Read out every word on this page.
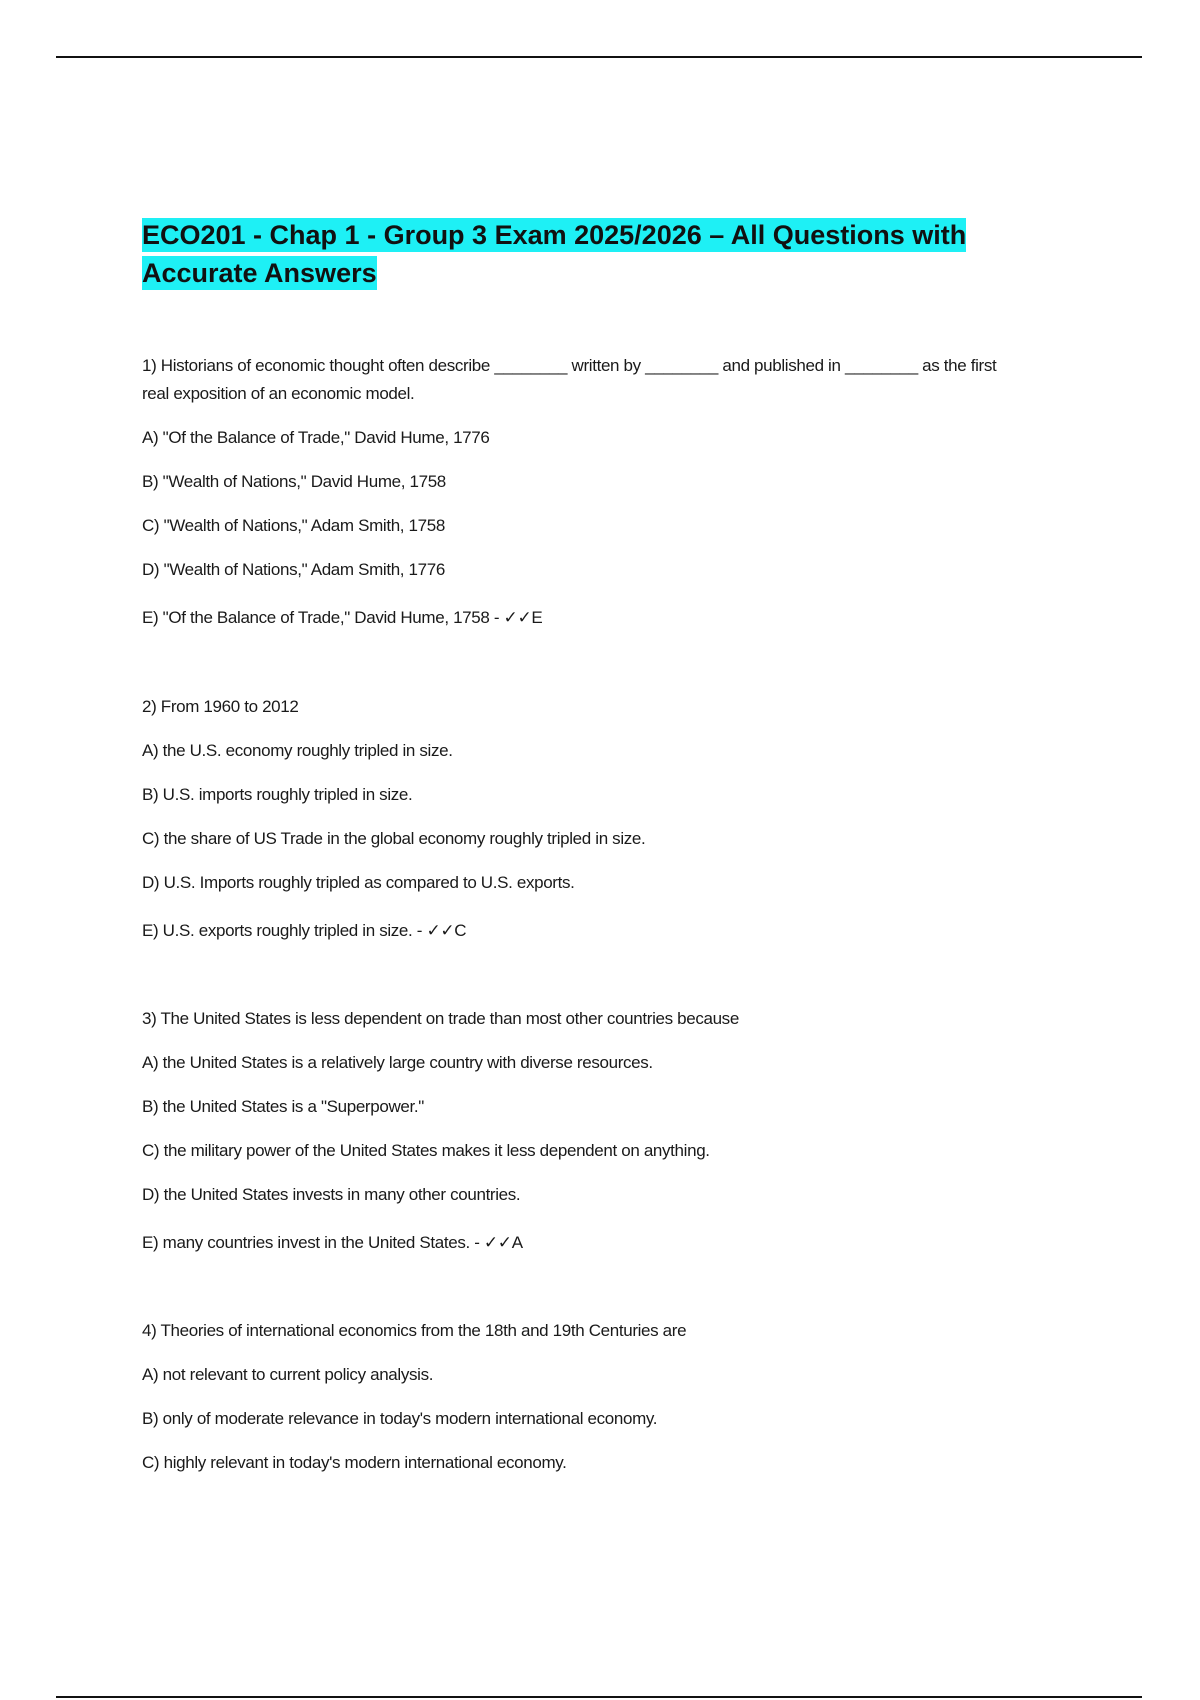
ECO201 - Chap 1 - Group 3 Exam 2025/2026 – All Questions with Accurate Answers
1) Historians of economic thought often describe ________ written by ________ and published in ________ as the first real exposition of an economic model.
A) "Of the Balance of Trade," David Hume, 1776
B) "Wealth of Nations," David Hume, 1758
C) "Wealth of Nations," Adam Smith, 1758
D) "Wealth of Nations," Adam Smith, 1776
E) "Of the Balance of Trade," David Hume, 1758 - ✓✓E
2) From 1960 to 2012
A) the U.S. economy roughly tripled in size.
B) U.S. imports roughly tripled in size.
C) the share of US Trade in the global economy roughly tripled in size.
D) U.S. Imports roughly tripled as compared to U.S. exports.
E) U.S. exports roughly tripled in size. - ✓✓C
3) The United States is less dependent on trade than most other countries because
A) the United States is a relatively large country with diverse resources.
B) the United States is a "Superpower."
C) the military power of the United States makes it less dependent on anything.
D) the United States invests in many other countries.
E) many countries invest in the United States. - ✓✓A
4) Theories of international economics from the 18th and 19th Centuries are
A) not relevant to current policy analysis.
B) only of moderate relevance in today's modern international economy.
C) highly relevant in today's modern international economy.
